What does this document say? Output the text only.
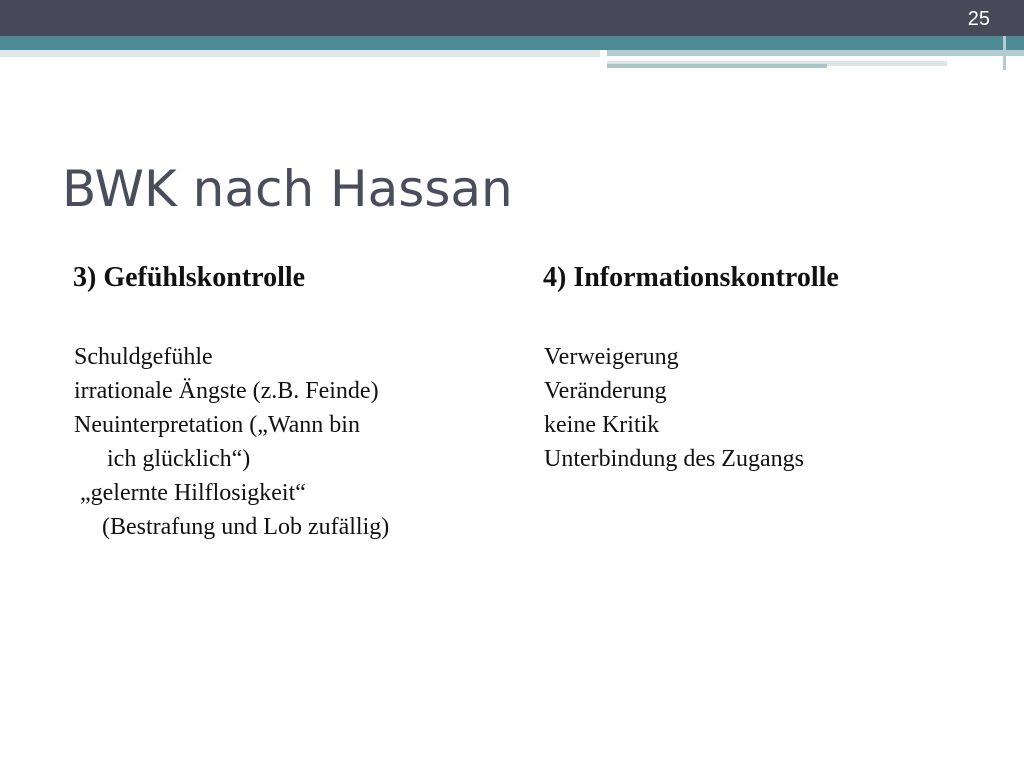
25
BWK nach Hassan
3) Gefühlskontrolle	4) Informationskontrolle
Schuldgefühle
irrationale Ängste (z.B. Feinde)
Neuinterpretation („Wann bin
ich glücklich“)
„gelernte Hilflosigkeit“
(Bestrafung und Lob zufällig)
Verweigerung
Veränderung
keine Kritik
Unterbindung des Zugangs
